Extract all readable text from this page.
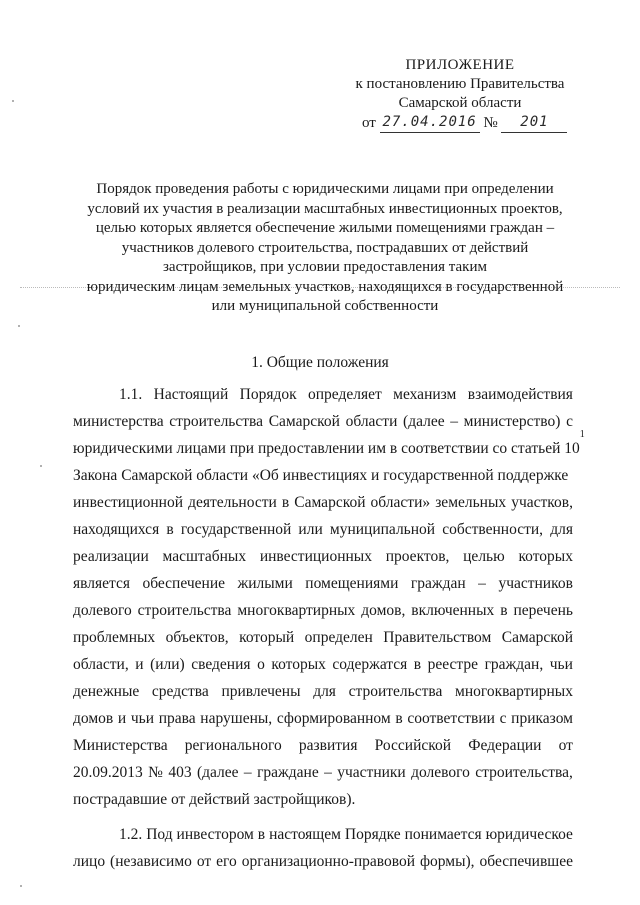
ПРИЛОЖЕНИЕ
к постановлению Правительства
Самарской области
от 27.04.2016 № 201
Порядок проведения работы с юридическими лицами при определении
условий их участия в реализации масштабных инвестиционных проектов,
целью которых является обеспечение жилыми помещениями граждан –
участников долевого строительства, пострадавших от действий
застройщиков, при условии предоставления таким
юридическим лицам земельных участков, находящихся в государственной
или муниципальной собственности
1. Общие положения
1.1. Настоящий Порядок определяет механизм взаимодействия
министерства строительства Самарской области (далее – министерство) с
юридическими лицами при предоставлении им в соответствии со статьей 10
1
Закона Самарской области «Об инвестициях и государственной поддержке
инвестиционной деятельности в Самарской области» земельных участков,
находящихся в государственной или муниципальной собственности, для
реализации масштабных инвестиционных проектов, целью которых
является обеспечение жилыми помещениями граждан – участников
долевого строительства многоквартирных домов, включенных в перечень
проблемных объектов, который определен Правительством Самарской
области, и (или) сведения о которых содержатся в реестре граждан, чьи
денежные средства привлечены для строительства многоквартирных
домов и чьи права нарушены, сформированном в соответствии с приказом
Министерства регионального развития Российской Федерации от
20.09.2013 № 403 (далее – граждане – участники долевого строительства,
пострадавшие от действий застройщиков).
1.2. Под инвестором в настоящем Порядке понимается юридическое
лицо (независимо от его организационно-правовой формы), обеспечившее
